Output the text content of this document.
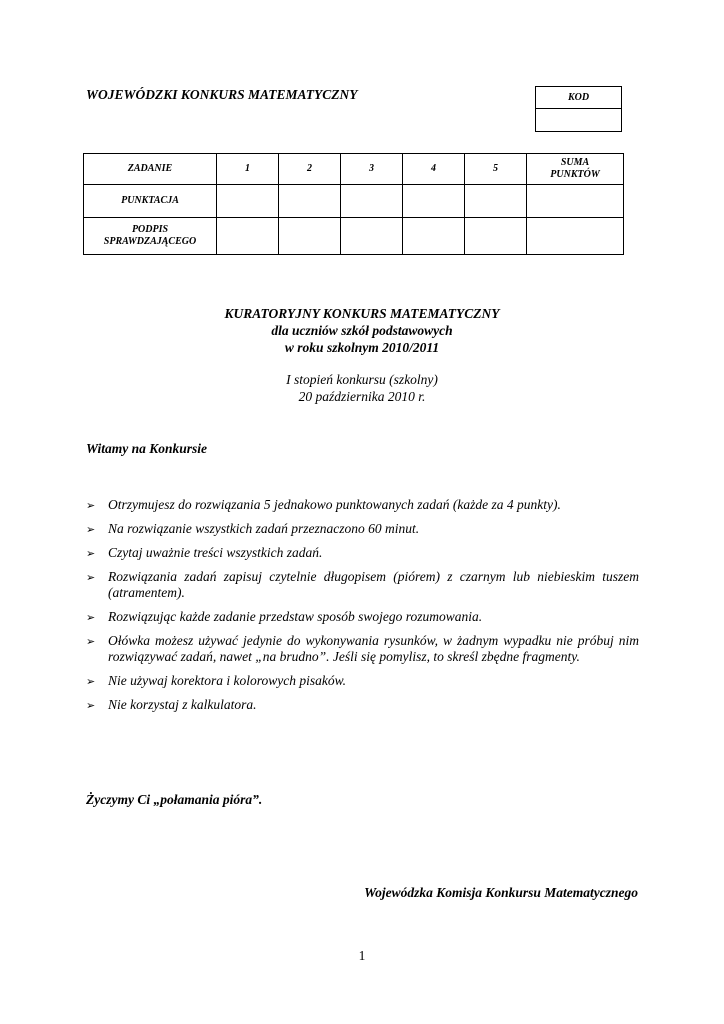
WOJEWÓDZKI KONKURS MATEMATYCZNY	KOD
ZADANIE	1	2	3	4	5	SUMA PUNKTÓW
PUNKTACJA						
PODPIS SPRAWDZAJĄCEGO						
KURATORYJNY KONKURS MATEMATYCZNY
dla uczniów szkół podstawowych
w roku szkolnym 2010/2011
I stopień konkursu (szkolny)
20 października 2010 r.
Witamy na Konkursie
➢ Otrzymujesz do rozwiązania 5 jednakowo punktowanych zadań (każde za 4 punkty).
➢ Na rozwiązanie wszystkich zadań przeznaczono 60 minut.
➢ Czytaj uważnie treści wszystkich zadań.
➢ Rozwiązania zadań zapisuj czytelnie długopisem (piórem) z czarnym lub niebieskim tuszem (atramentem).
➢ Rozwiązując każde zadanie przedstaw sposób swojego rozumowania.
➢ Ołówka możesz używać jedynie do wykonywania rysunków, w żadnym wypadku nie próbuj nim rozwiązywać zadań, nawet „na brudno”. Jeśli się pomylisz, to skreśl zbędne fragmenty.
➢ Nie używaj korektora i kolorowych pisaków.
➢ Nie korzystaj z kalkulatora.
Życzymy Ci „połamania pióra”.
Wojewódzka Komisja Konkursu Matematycznego
1
